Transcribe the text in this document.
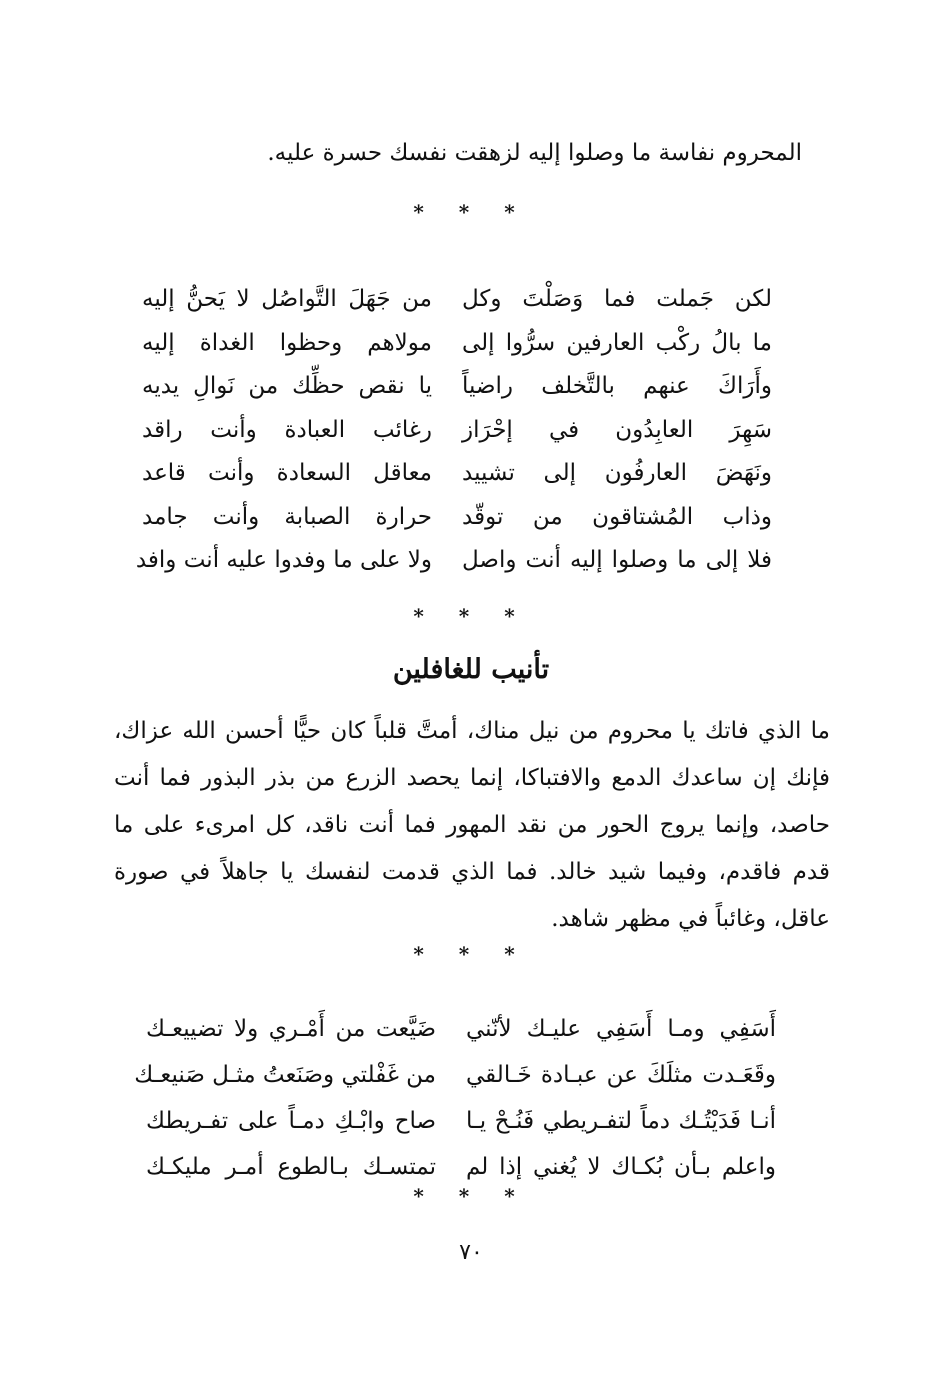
المحروم نفاسة ما وصلوا إليه لزهقت نفسك حسرة عليه.
* * *
لكن جَملت فما وَصَلْتَ وكل
من جَهَلَ التَّواصُل لا يَحنُّ إليه
ما بالُ ركْب العارفين سرُّوا إلى
مولاهم وحظوا الغداة إليه
وأَرَاكَ عنهم بالتَّخلف راضياً
يا نقص حظِّك من نَوالِ يديه
سَهِرَ العابِدُون في إحْرَاز
رغائب العبادة وأنت راقد
ونَهَضَ العارفُون إلى تشييد
معاقل السعادة وأنت قاعد
وذاب المُشتاقون من توقّد
حرارة الصبابة وأنت جامد
فلا إلى ما وصلوا إليه أنت واصل
ولا على ما وفدوا عليه أنت وافد
* * *
تأنيب للغافلين
ما الذي فاتك يا محروم من نيل مناك، أمتَّ قلباً كان حيًّا أحسن الله عزاك، فإنك إن ساعدك الدمع والافتباكا، إنما يحصد الزرع من بذر البذور فما أنت حاصد، وإنما يروج الحور من نقد المهور فما أنت ناقد، كل امرىء على ما قدم فاقدم، وفيما شيد خالد. فما الذي قدمت لنفسك يا جاهلاً في صورة عاقل، وغائباً في مظهر شاهد.
* * *
أَسَفِي ومـا أَسَفِي عليـك لأنّني
ضَيَّعت من أَمْـري ولا تضييعـك
وقَعَـدت مثلَكَ عن عبـادة خَـالقي
من غَفْلتي وصَنَعتُ مثـل صَنيعـك
أنـا فَدَيْتُـك دماً لتفـريطي فَنُـحْ يـا
صاح وابْـكِ دمـاً على تفـريطك
واعلم بـأن بُكـاك لا يُغني إذا لم
تمتسـك بـالطوع أمـر مليكـك
* * *
٧٠
